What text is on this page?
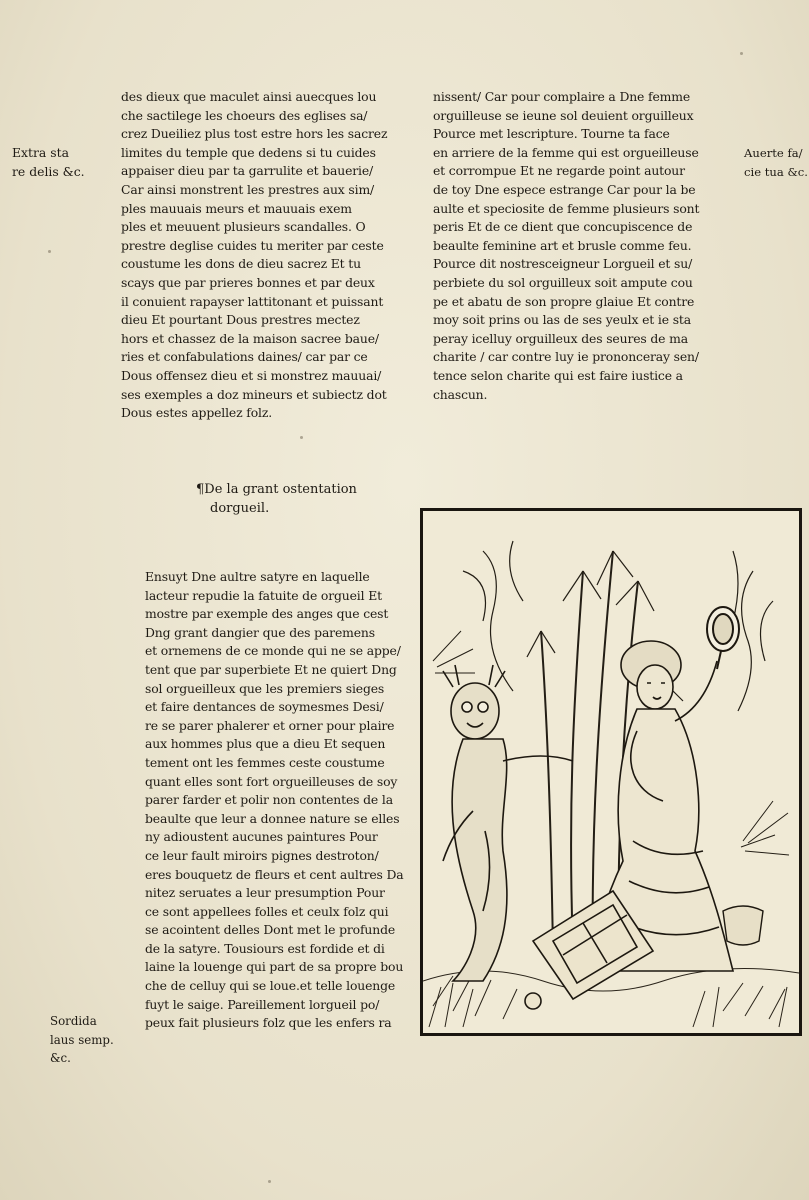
des dieux que maculet ainsi auecques lou
che sactilege les choeurs des eglises sa/
crez Dueiliez plus tost estre hors les sacrez
limites du temple que dedens si tu cuides
appaiser dieu par ta garrulite et bauerie/
Car ainsi monstrent les prestres aux sim/
ples mauuais meurs et mauuais exem
ples et meuuent plusieurs scandalles. O
prestre deglise cuides tu meriter par ceste
coustume les dons de dieu sacrez Et tu
scays que par prieres bonnes et par deux
il conuient rapayser lattitonant et puissant
dieu Et pourtant Dous prestres mectez
hors et chassez de la maison sacree baue/
ries et confabulations daines/ car par ce
Dous offensez dieu et si monstrez mauuai/
ses exemples a doz mineurs et subiectz dot
Dous estes appellez folz.
Extra sta
re delis &c.
nissent/ Car pour complaire a Dne femme
orguilleuse se ieune sol deuient orguilleux
Pource met lescripture. Tourne ta face
en arriere de la femme qui est orgueilleuse
et corrompue Et ne regarde point autour
de toy Dne espece estrange Car pour la be
aulte et speciosite de femme plusieurs sont
peris Et de ce dient que concupiscence de
beaulte feminine art et brusle comme feu.
Pource dit nostresceigneur Lorgueil et su/
perbiete du sol orguilleux soit ampute cou
pe et abatu de son propre glaiue Et contre
moy soit prins ou las de ses yeulx et ie sta
peray icelluy orguilleux des seures de ma
charite / car contre luy ie prononceray sen/
tence selon charite qui est faire iustice a
chascun.
Auerte fa/
cie tua &c.
¶De la grant ostentation
dorgueil.
Ensuyt Dne aultre satyre en laquelle
lacteur repudie la fatuite de orgueil Et
mostre par exemple des anges que cest
Dng grant dangier que des paremens
et ornemens de ce monde qui ne se appe/
tent que par superbiete Et ne quiert Dng
sol orgueilleux que les premiers sieges
et faire dentances de soymesmes Desi/
re se parer phalerer et orner pour plaire
aux hommes plus que a dieu Et sequen
tement ont les femmes ceste coustume
quant elles sont fort orgueilleuses de soy
parer farder et polir non contentes de la
beaulte que leur a donnee nature se elles
ny adioustent aucunes paintures Pour
ce leur fault miroirs pignes destroton/
eres bouquetz de fleurs et cent aultres Da
nitez seruates a leur presumption Pour
ce sont appellees folles et ceulx folz qui
se acointent delles Dont met le profunde
de la satyre. Tousiours est fordide et di
laine la louenge qui part de sa propre bou
che de celluy qui se loue.et telle louenge
fuyt le saige. Pareillement lorgueil po/
peux fait plusieurs folz que les enfers ra
Sordida
laus semp.
&c.
